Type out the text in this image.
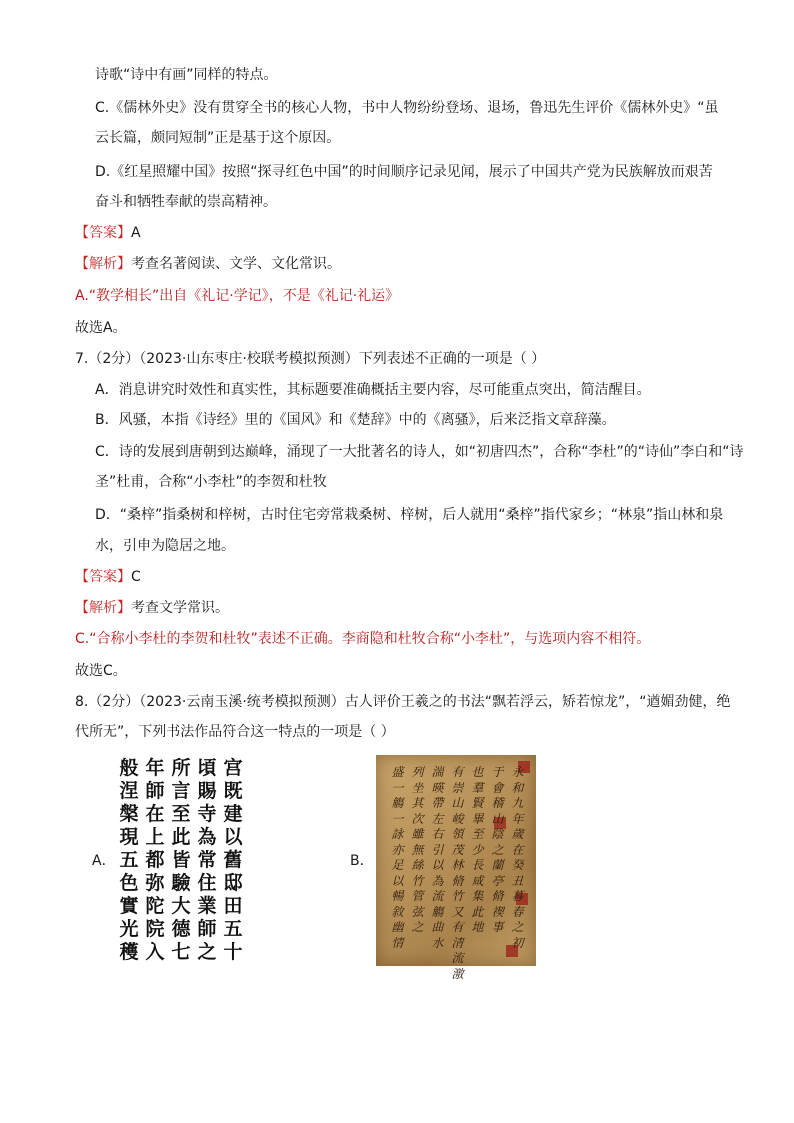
诗歌“诗中有画”同样的特点。
C.《儒林外史》没有贯穿全书的核心人物，书中人物纷纷登场、退场，鲁迅先生评价《儒林外史》“虽
云长篇，颇同短制”正是基于这个原因。
D.《红星照耀中国》按照“探寻红色中国”的时间顺序记录见闻，展示了中国共产党为民族解放而艰苦
奋斗和牺牲奉献的崇高精神。
【答案】A
【解析】考查名著阅读、文学、文化常识。
A.“教学相长”出自《礼记·学记》，不是《礼记·礼运》
故选A。
7.（2分）（2023·山东枣庄·校联考模拟预测）下列表述不正确的一项是（ ）
A．消息讲究时效性和真实性，其标题要准确概括主要内容，尽可能重点突出，简洁醒目。
B．风骚，本指《诗经》里的《国风》和《楚辞》中的《离骚》，后来泛指文章辞藻。
C．诗的发展到唐朝到达巅峰，涌现了一大批著名的诗人，如“初唐四杰”，合称“李杜”的“诗仙”李白和“诗
圣”杜甫，合称“小李杜”的李贺和杜牧
D．“桑梓”指桑树和梓树，古时住宅旁常栽桑树、梓树，后人就用“桑梓”指代家乡；“林泉”指山林和泉
水，引申为隐居之地。
【答案】C
【解析】考查文学常识。
C.“合称小李杜的李贺和杜牧”表述不正确。李商隐和杜牧合称“小李杜”，与选项内容不相符。
故选C。
8.（2分）（2023·云南玉溪·统考模拟预测）古人评价王羲之的书法“飘若浮云，矫若惊龙”，“遒媚劲健，绝
代所无”，下列书法作品符合这一特点的一项是（ ）
A．
宫
既
建
以
舊
邸
田
五
十
頃
賜
寺
為
常
住
業
師
之
所
言
至
此
皆
驗
大
德
七
年
師
在
上
都
弥
陀
院
入
般
涅
槃
現
五
色
實
光
穫
B．
永
和
九
年
歲
在
癸
丑
暮
春
之
初
于
會
稽
山
陰
之
蘭
亭
脩
禊
事
也
羣
賢
畢
至
少
長
咸
集
此
地
有
崇
山
峻
領
茂
林
脩
竹
又
有
清
流
激
湍
暎
帶
左
右
引
以
為
流
觴
曲
水
列
坐
其
次
雖
無
絲
竹
管
弦
之
盛
一
觴
一
詠
亦
足
以
暢
敘
幽
情
